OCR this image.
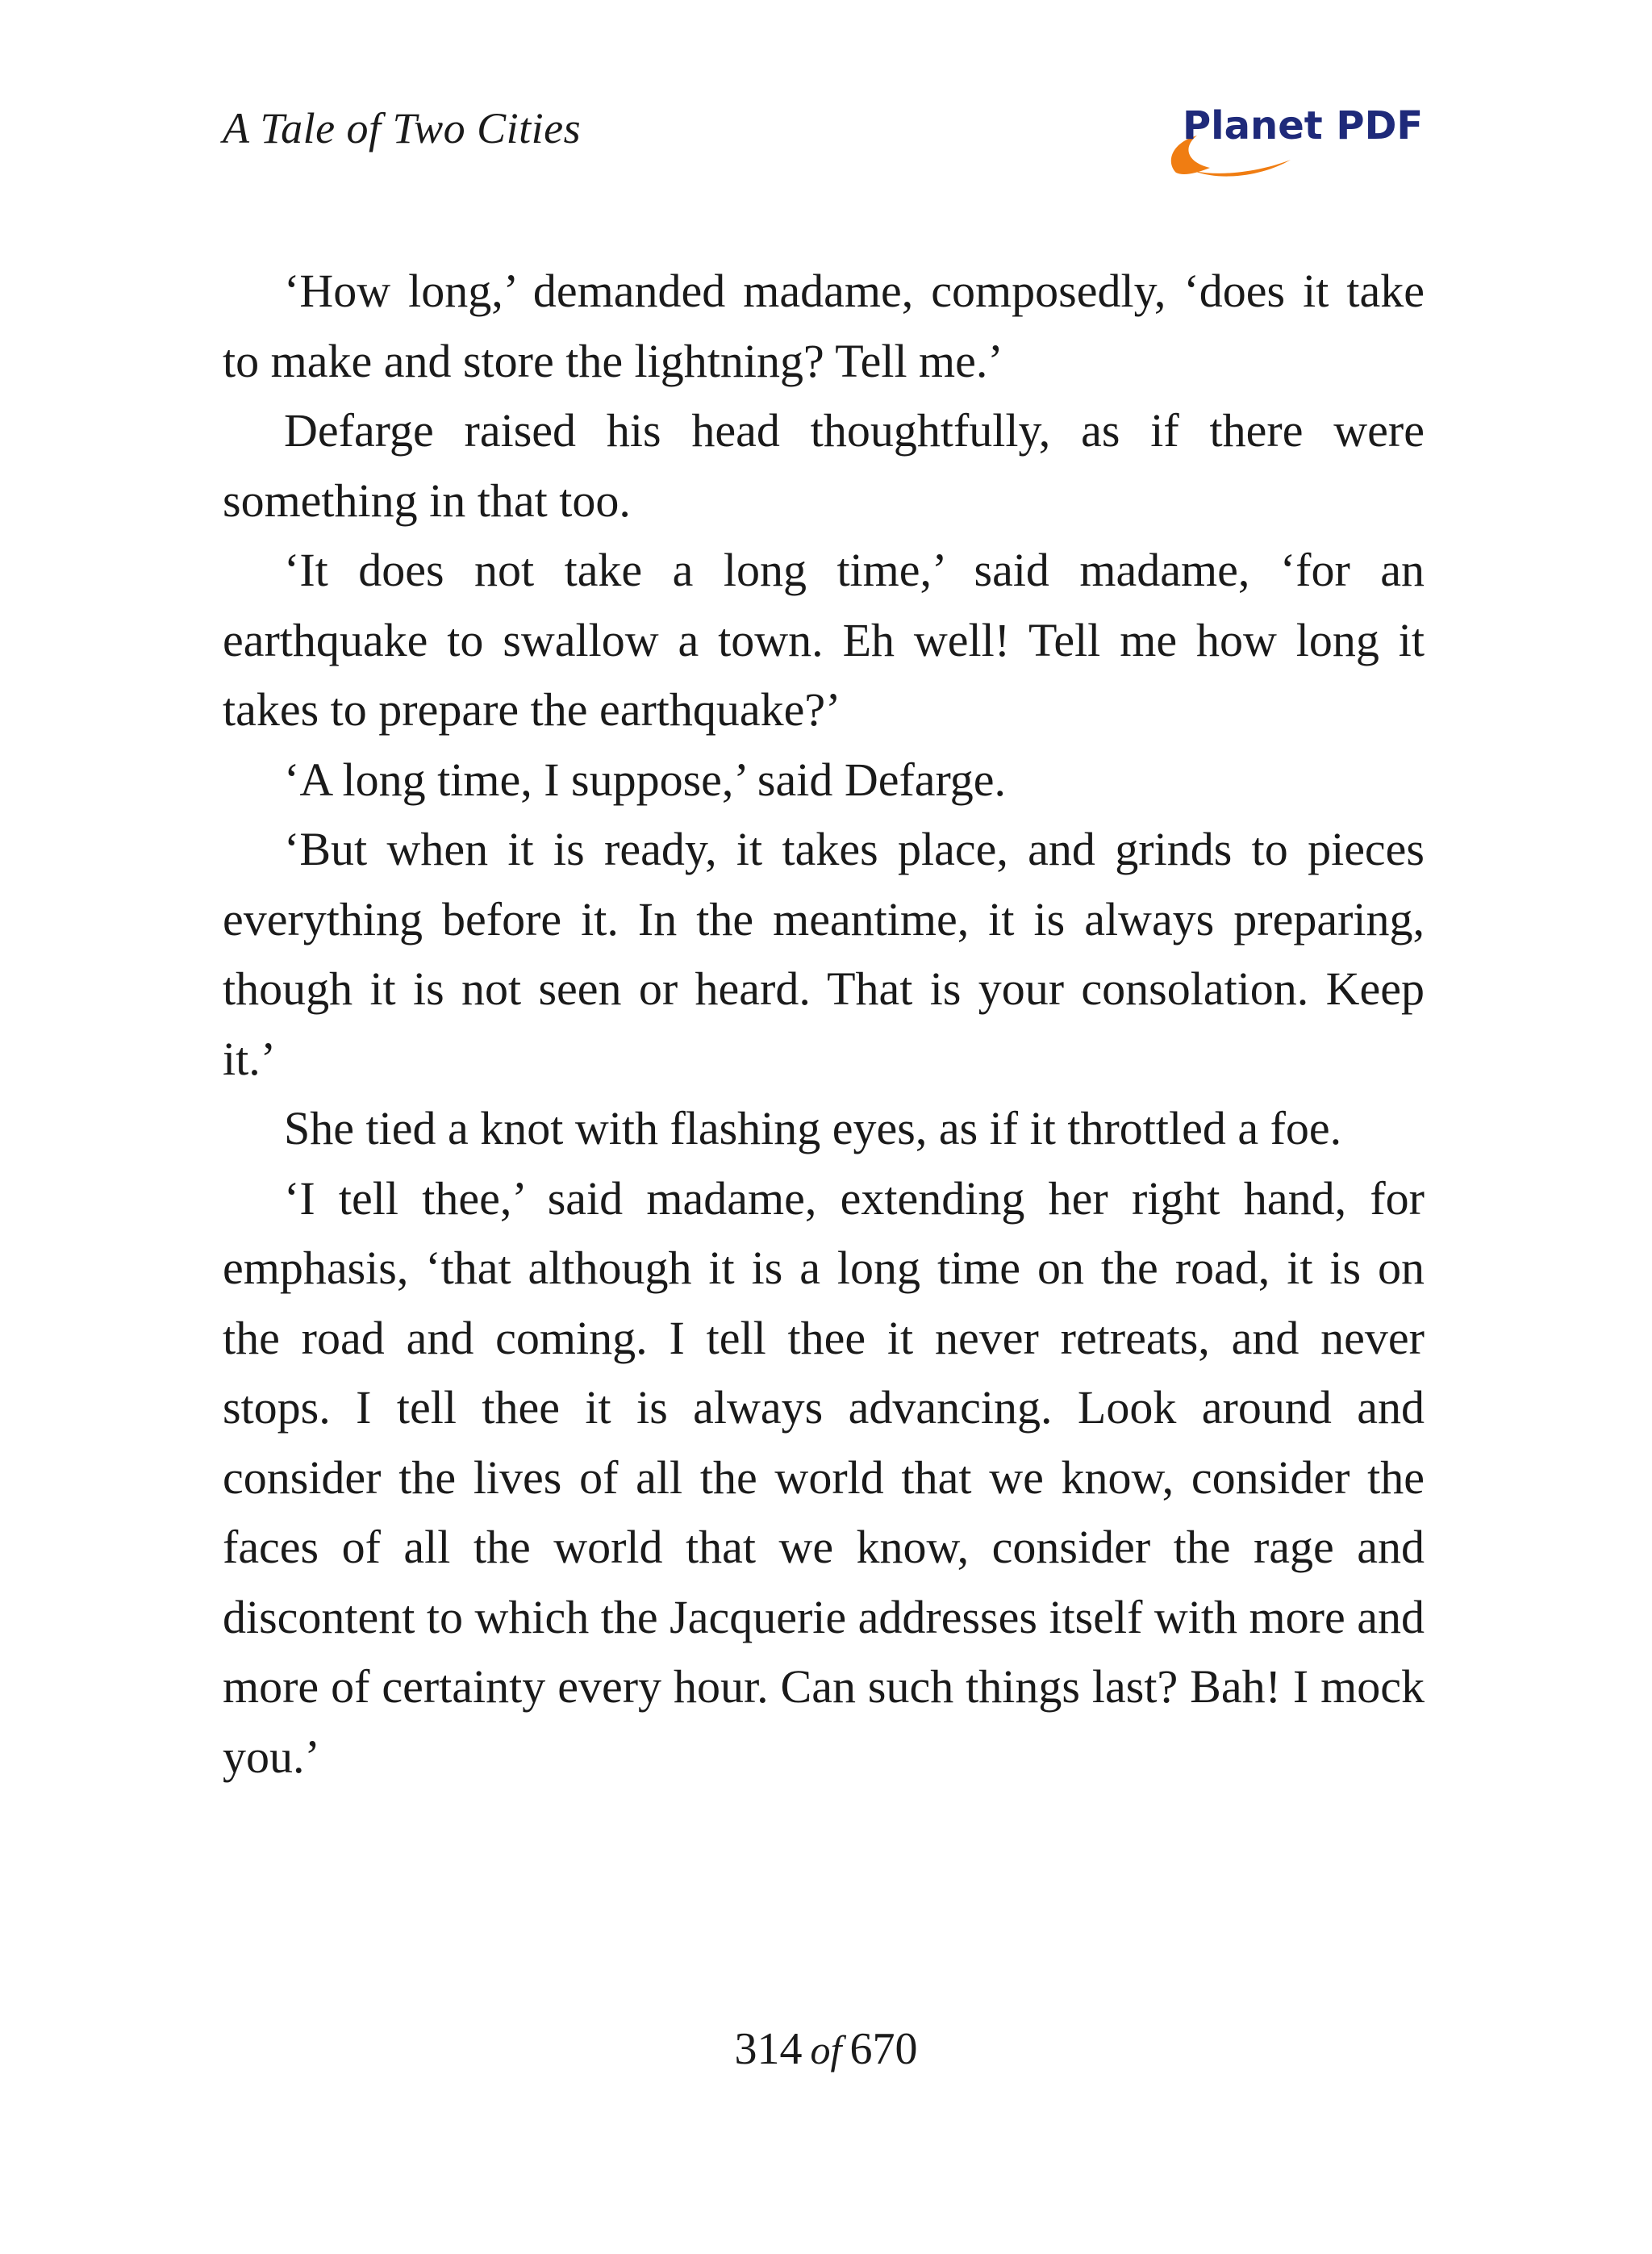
A Tale of Two Cities	Planet PDF

‘How long,’ demanded madame, composedly, ‘does it take to make and store the lightning? Tell me.’

Defarge raised his head thoughtfully, as if there were something in that too.

‘It does not take a long time,’ said madame, ‘for an earthquake to swallow a town. Eh well! Tell me how long it takes to prepare the earthquake?’

‘A long time, I suppose,’ said Defarge.

‘But when it is ready, it takes place, and grinds to pieces everything before it. In the meantime, it is always preparing, though it is not seen or heard. That is your consolation. Keep it.’

She tied a knot with flashing eyes, as if it throttled a foe.

‘I tell thee,’ said madame, extending her right hand, for emphasis, ‘that although it is a long time on the road, it is on the road and coming. I tell thee it never retreats, and never stops. I tell thee it is always advancing. Look around and consider the lives of all the world that we know, consider the faces of all the world that we know, consider the rage and discontent to which the Jacquerie addresses itself with more and more of certainty every hour. Can such things last? Bah! I mock you.’

314 of 670
